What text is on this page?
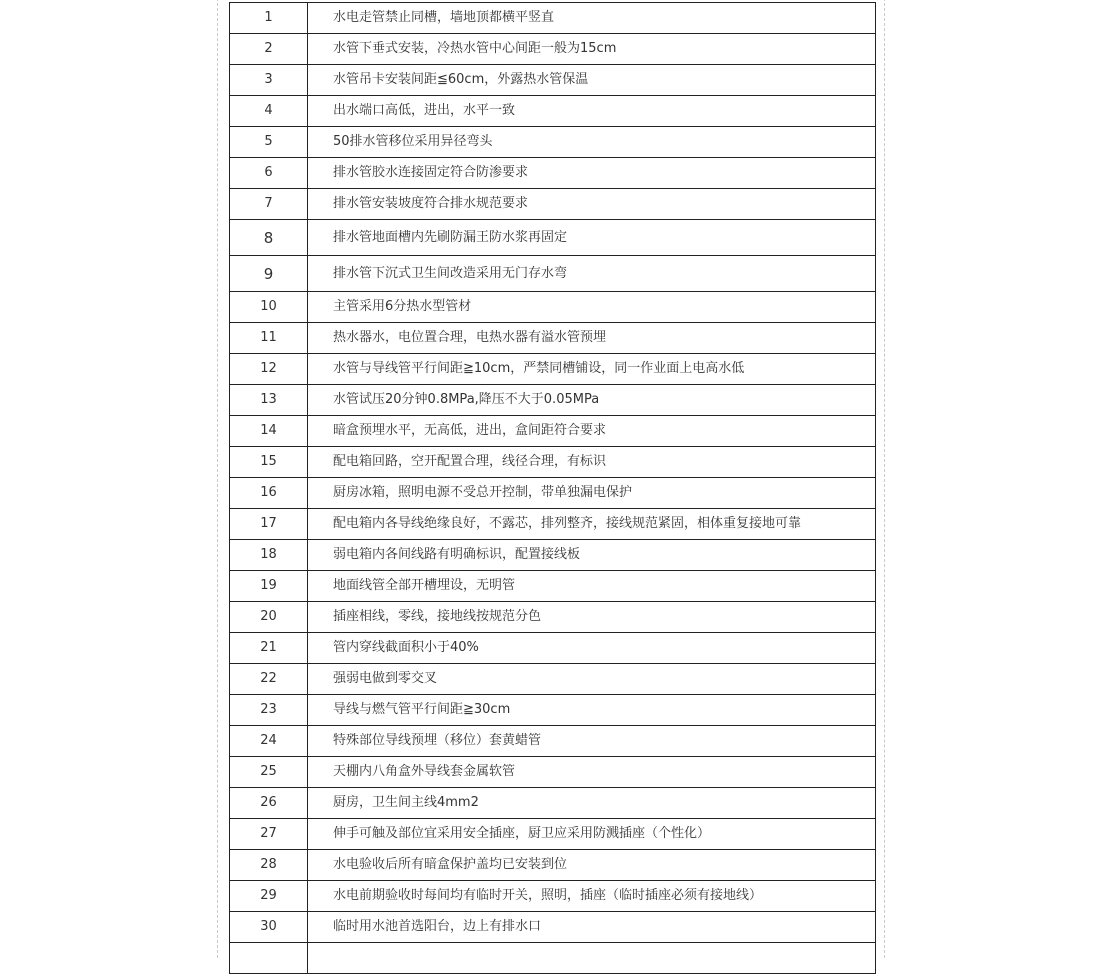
1	水电走管禁止同槽，墙地顶都横平竖直
2	水管下垂式安装，冷热水管中心间距一般为15cm
3	水管吊卡安装间距≦60cm，外露热水管保温
4	出水端口高低，进出，水平一致
5	50排水管移位采用异径弯头
6	排水管胶水连接固定符合防渗要求
7	排水管安装坡度符合排水规范要求
8	排水管地面槽内先刷防漏王防水浆再固定
9	排水管下沉式卫生间改造采用无门存水弯
10	主管采用6分热水型管材
11	热水器水，电位置合理，电热水器有溢水管预埋
12	水管与导线管平行间距≧10cm，严禁同槽铺设，同一作业面上电高水低
13	水管试压20分钟0.8MPa,降压不大于0.05MPa
14	暗盒预埋水平，无高低，进出，盒间距符合要求
15	配电箱回路，空开配置合理，线径合理，有标识
16	厨房冰箱，照明电源不受总开控制，带单独漏电保护
17	配电箱内各导线绝缘良好，不露芯，排列整齐，接线规范紧固，相体重复接地可靠
18	弱电箱内各间线路有明确标识，配置接线板
19	地面线管全部开槽埋设，无明管
20	插座相线，零线，接地线按规范分色
21	管内穿线截面积小于40%
22	强弱电做到零交叉
23	导线与燃气管平行间距≧30cm
24	特殊部位导线预埋（移位）套黄蜡管
25	天棚内八角盒外导线套金属软管
26	厨房，卫生间主线4mm2
27	伸手可触及部位宜采用安全插座，厨卫应采用防溅插座（个性化）
28	水电验收后所有暗盒保护盖均已安装到位
29	水电前期验收时每间均有临时开关，照明，插座（临时插座必须有接地线）
30	临时用水池首选阳台，边上有排水口
